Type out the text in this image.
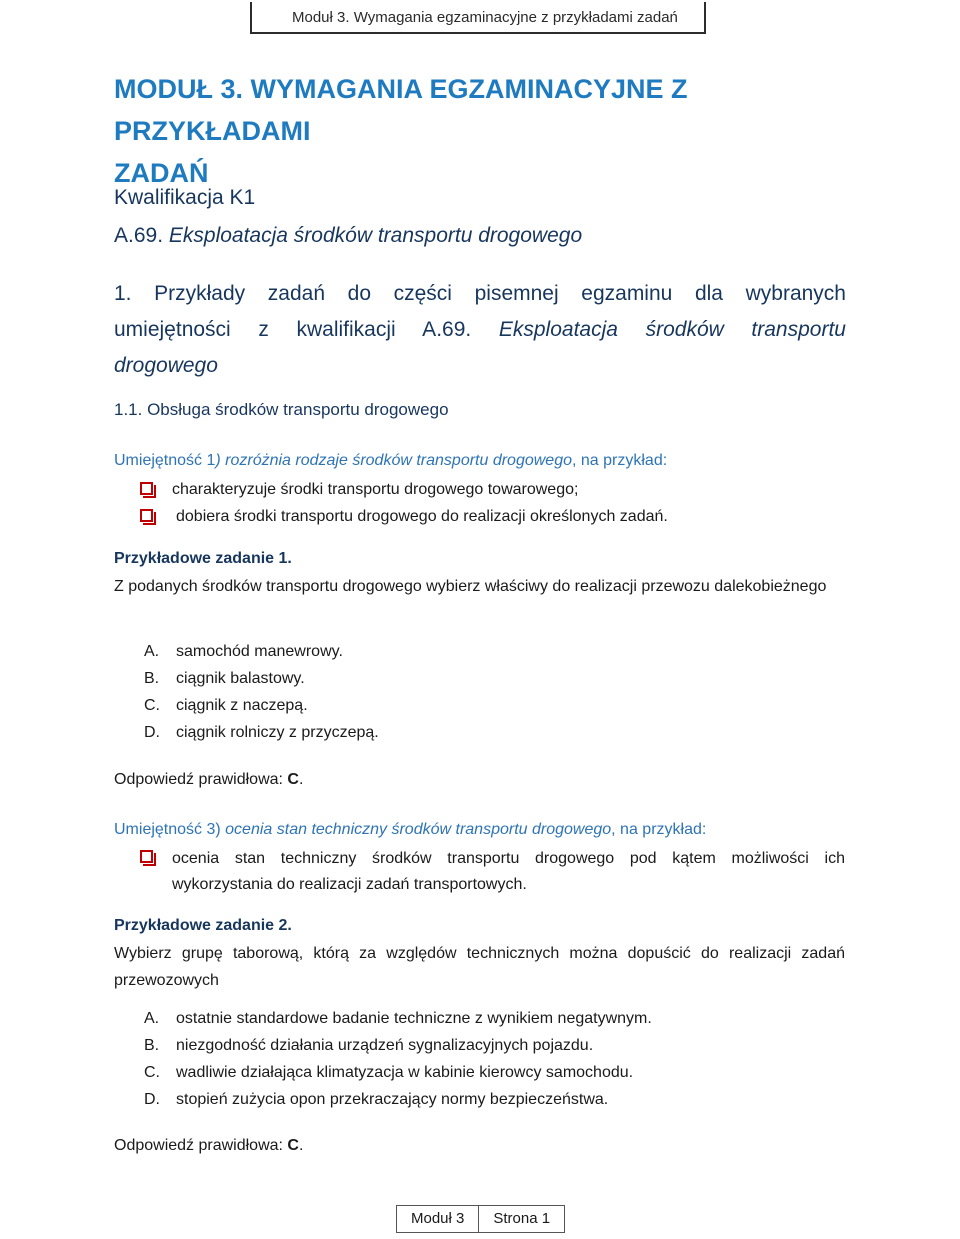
Moduł 3. Wymagania egzaminacyjne z przykładami zadań
MODUŁ 3. WYMAGANIA EGZAMINACYJNE Z PRZYKŁADAMI
ZADAŃ
Kwalifikacja K1
A.69. Eksploatacja środków transportu drogowego
1. Przykłady zadań do części pisemnej egzaminu dla wybranych
umiejętności z kwalifikacji A.69. Eksploatacja środków transportu
drogowego
1.1. Obsługa środków transportu drogowego
Umiejętność 1) rozróżnia rodzaje środków transportu drogowego, na przykład:
charakteryzuje środki transportu drogowego towarowego;
dobiera środki transportu drogowego do realizacji określonych zadań.
Przykładowe zadanie 1.
Z podanych środków transportu drogowego wybierz właściwy do realizacji przewozu dalekobieżnego
A. samochód manewrowy.
B. ciągnik balastowy.
C. ciągnik z naczepą.
D. ciągnik rolniczy z przyczepą.
Odpowiedź prawidłowa: C.
Umiejętność 3) ocenia stan techniczny środków transportu drogowego, na przykład:
ocenia stan techniczny środków transportu drogowego pod kątem możliwości ich
wykorzystania do realizacji zadań transportowych.
Przykładowe zadanie 2.
Wybierz grupę taborową, którą za względów technicznych można dopuścić do realizacji zadań przewozowych
A. ostatnie standardowe badanie techniczne z wynikiem negatywnym.
B. niezgodność działania urządzeń sygnalizacyjnych pojazdu.
C. wadliwie działająca klimatyzacja w kabinie kierowcy samochodu.
D. stopień zużycia opon przekraczający normy bezpieczeństwa.
Odpowiedź prawidłowa: C.
Moduł 3	Strona 1
